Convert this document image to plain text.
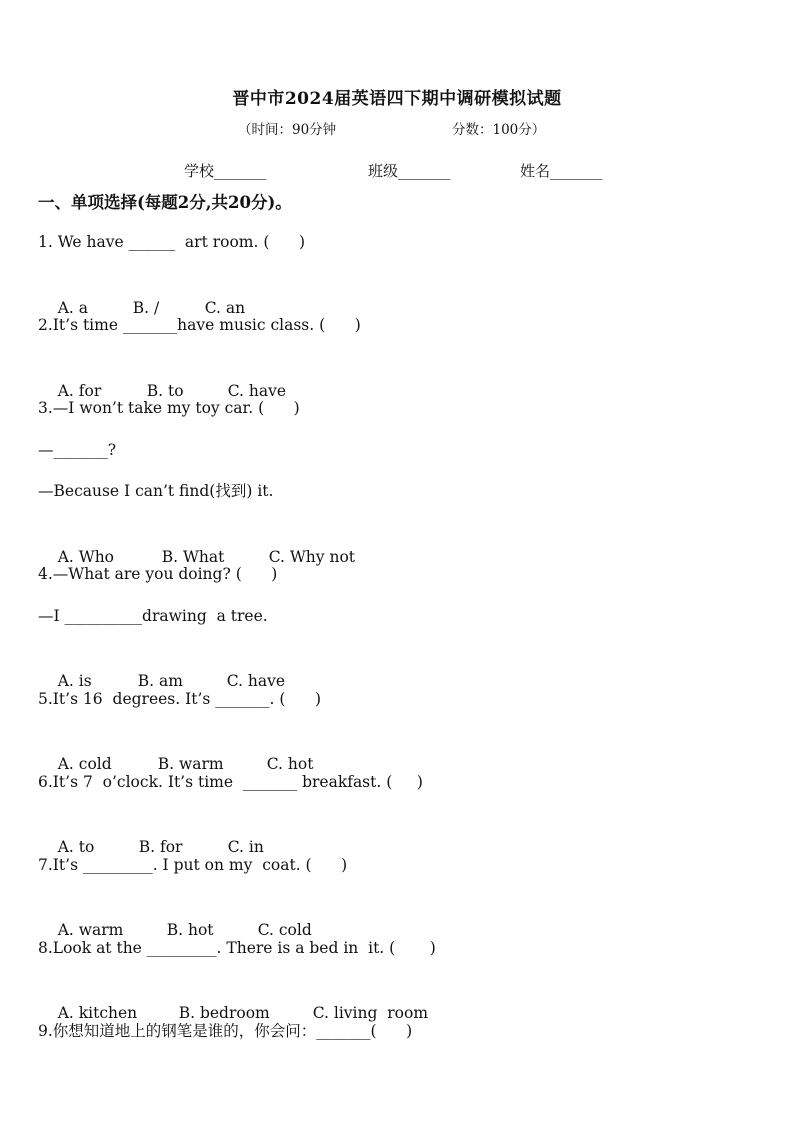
晋中市2024届英语四下期中调研模拟试题
（时间：90分钟	分数：100分）
学校_______	班级_______	姓名_______
一、单项选择(每题2分,共20分)。
1. We have ______  art room. (      )

A. a	B. /	C. an

2.It’s time _______have music class. (      )

A. for	B. to	C. have

3.—I won’t take my toy car. (      )
—_______?
—Because I can’t find(找到) it.

A. Who	B. What	C. Why not

4.—What are you doing? (      )
—I __________drawing  a tree.

A. is	B. am	C. have

5.It’s 16  degrees. It’s _______. (      )

A. cold	B. warm	C. hot

6.It’s 7  o’clock. It’s time  _______ breakfast. (     )

A. to	B. for	C. in

7.It’s _________. I put on my  coat. (      )

A. warm	B. hot	C. cold

8.Look at the _________. There is a bed in  it. (       )

A. kitchen	B. bedroom	C. living  room

9.你想知道地上的钢笔是谁的，你会问：_______(      )
